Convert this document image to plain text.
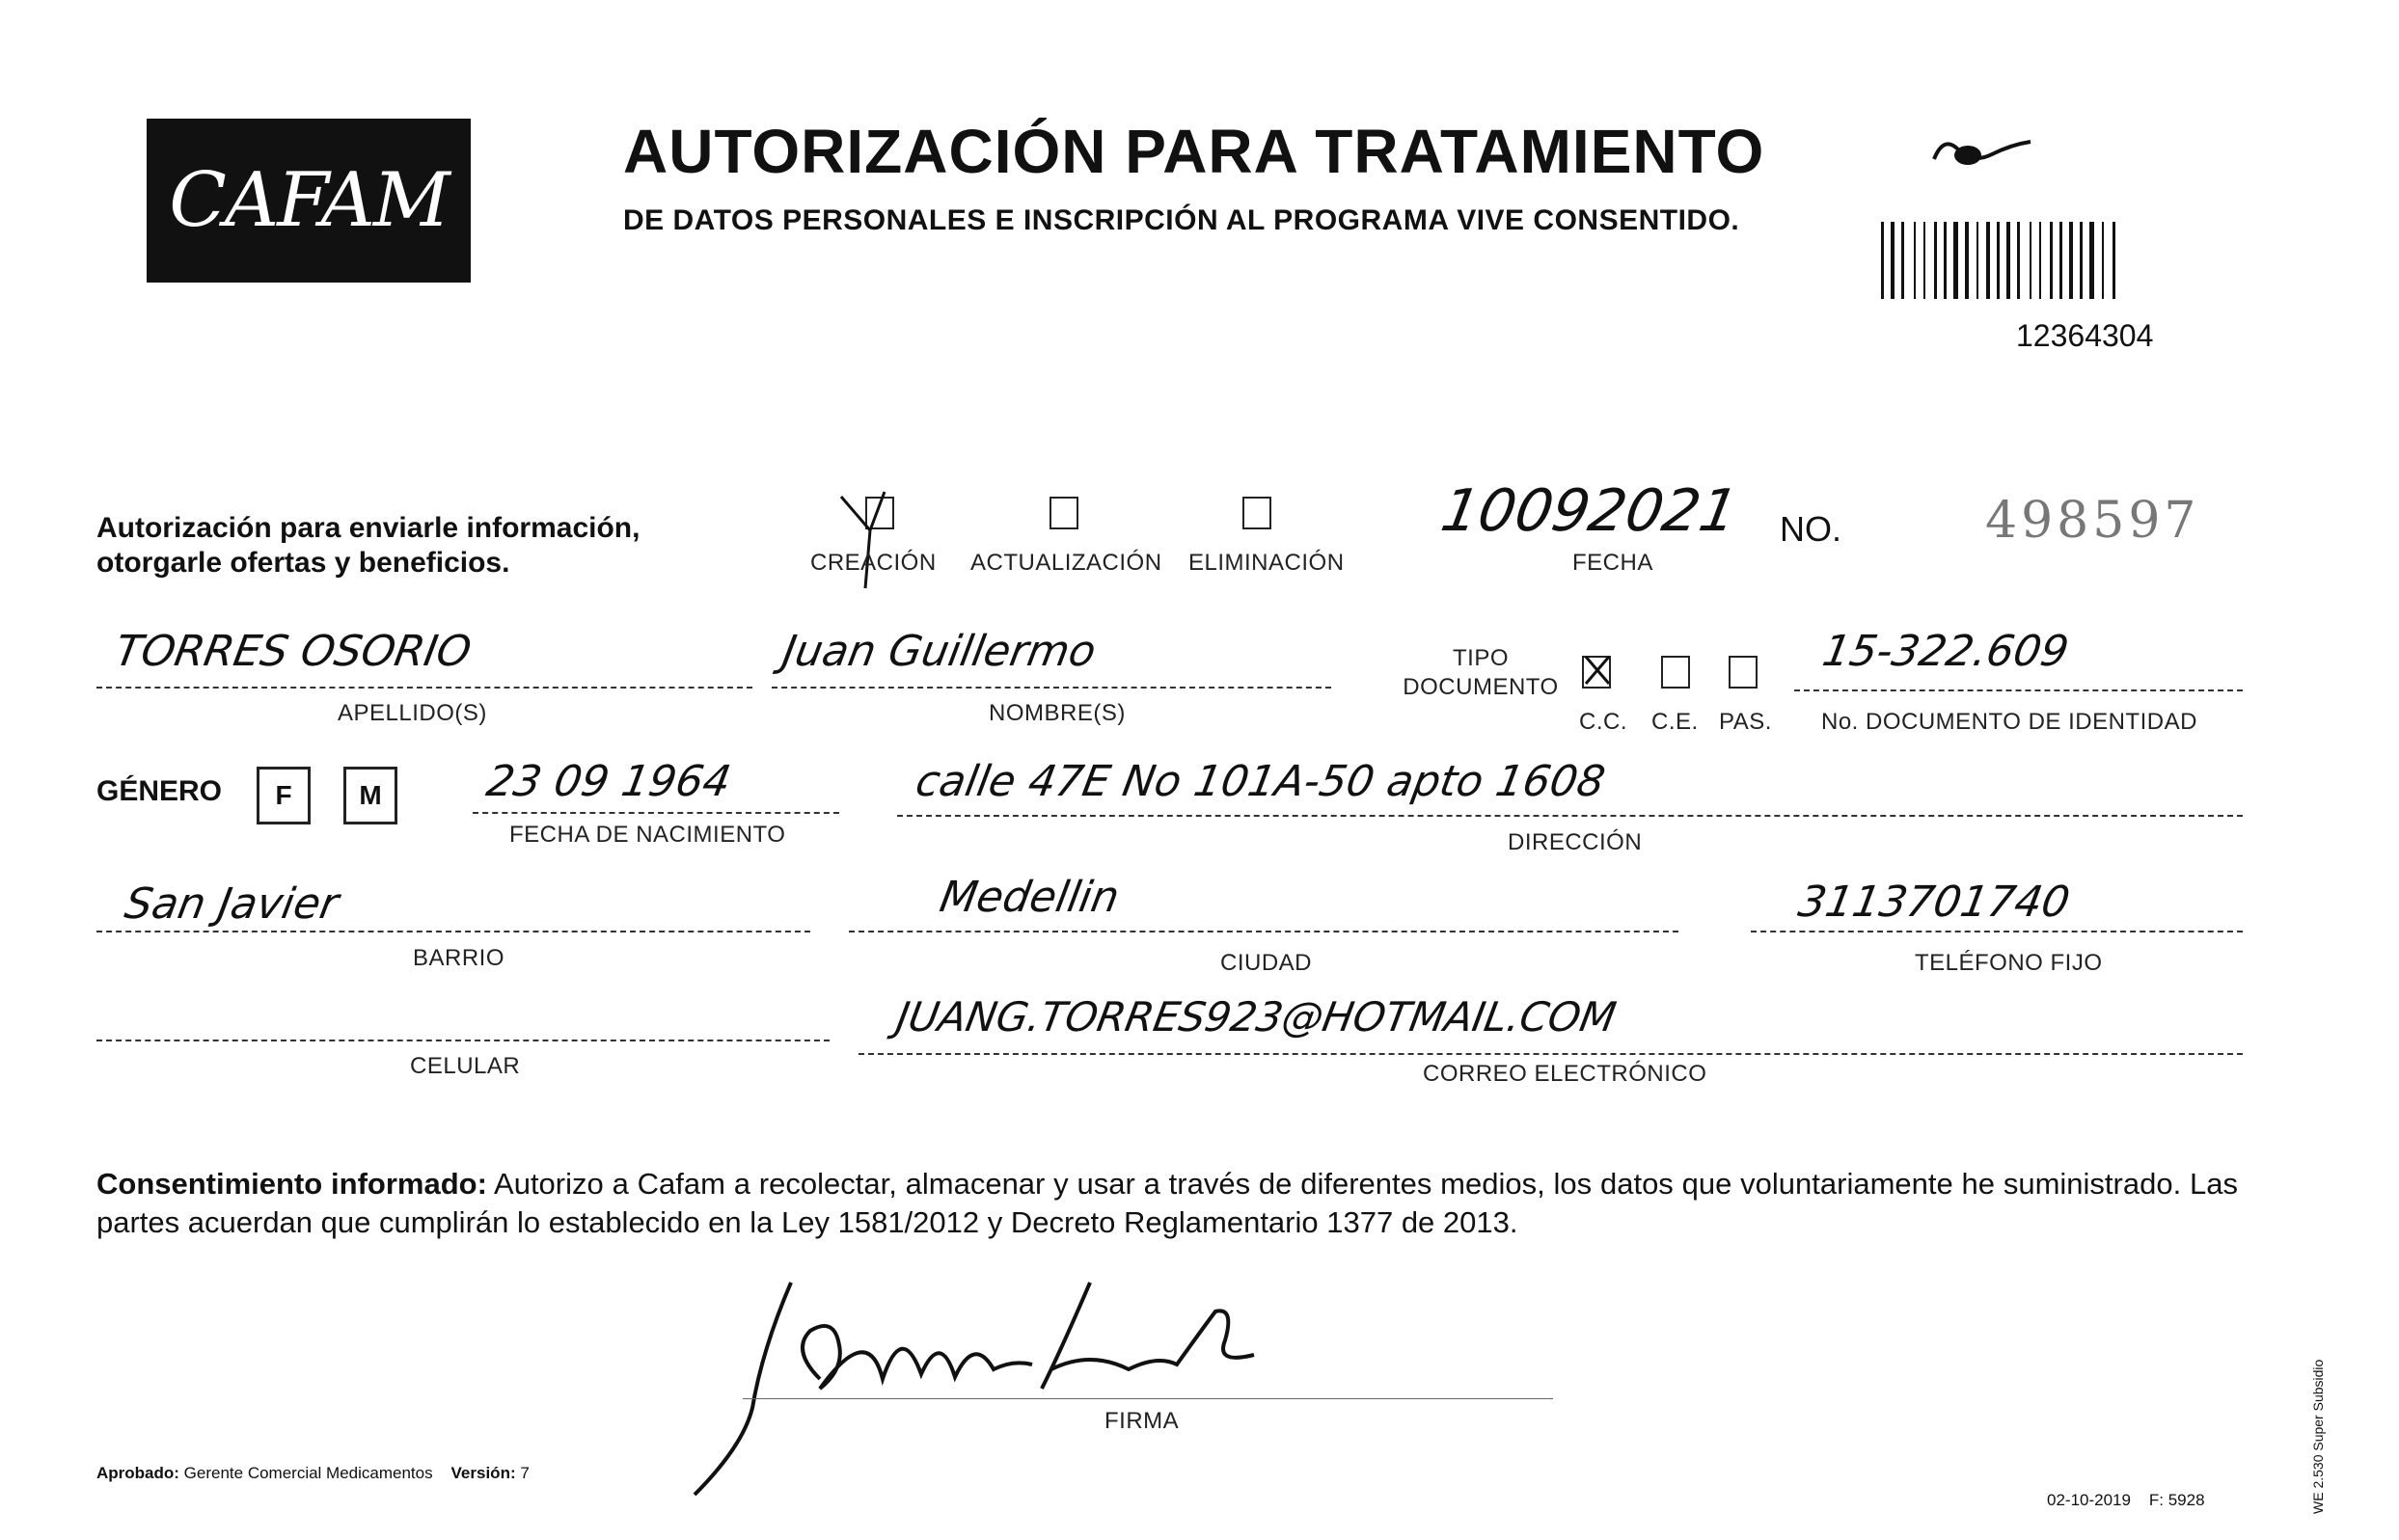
CAFAM
AUTORIZACIÓN PARA TRATAMIENTO
DE DATOS PERSONALES E INSCRIPCIÓN AL PROGRAMA VIVE CONSENTIDO.
12364304
Autorización para enviarle información, otorgarle ofertas y beneficios.	CREACIÓN ACTUALIZACIÓN ELIMINACIÓN
10092021
FECHA
NO.	498597
TORRES OSORIO
APELLIDO(S)
Juan Guillermo
NOMBRE(S)
TIPO DOCUMENTO
C.C. C.E. PAS.
15-322.609
No. DOCUMENTO DE IDENTIDAD
GÉNERO	F	M	23 09 1964
FECHA DE NACIMIENTO
calle 47E No 101A-50 apto 1608
DIRECCIÓN
San Javier
BARRIO
Medellin
CIUDAD
3113701740
TELÉFONO FIJO
CELULAR
JUANG.TORRES923@HOTMAIL.COM
CORREO ELECTRÓNICO
Consentimiento informado: Autorizo a Cafam a recolectar, almacenar y usar a través de diferentes medios, los datos que voluntariamente he suministrado. Las partes acuerdan que cumplirán lo establecido en la Ley 1581/2012 y Decreto Reglamentario 1377 de 2013.
FIRMA
Aprobado: Gerente Comercial Medicamentos Versión: 7
02-10-2019 F: 5928	WE 2.530 Super Subsidio
